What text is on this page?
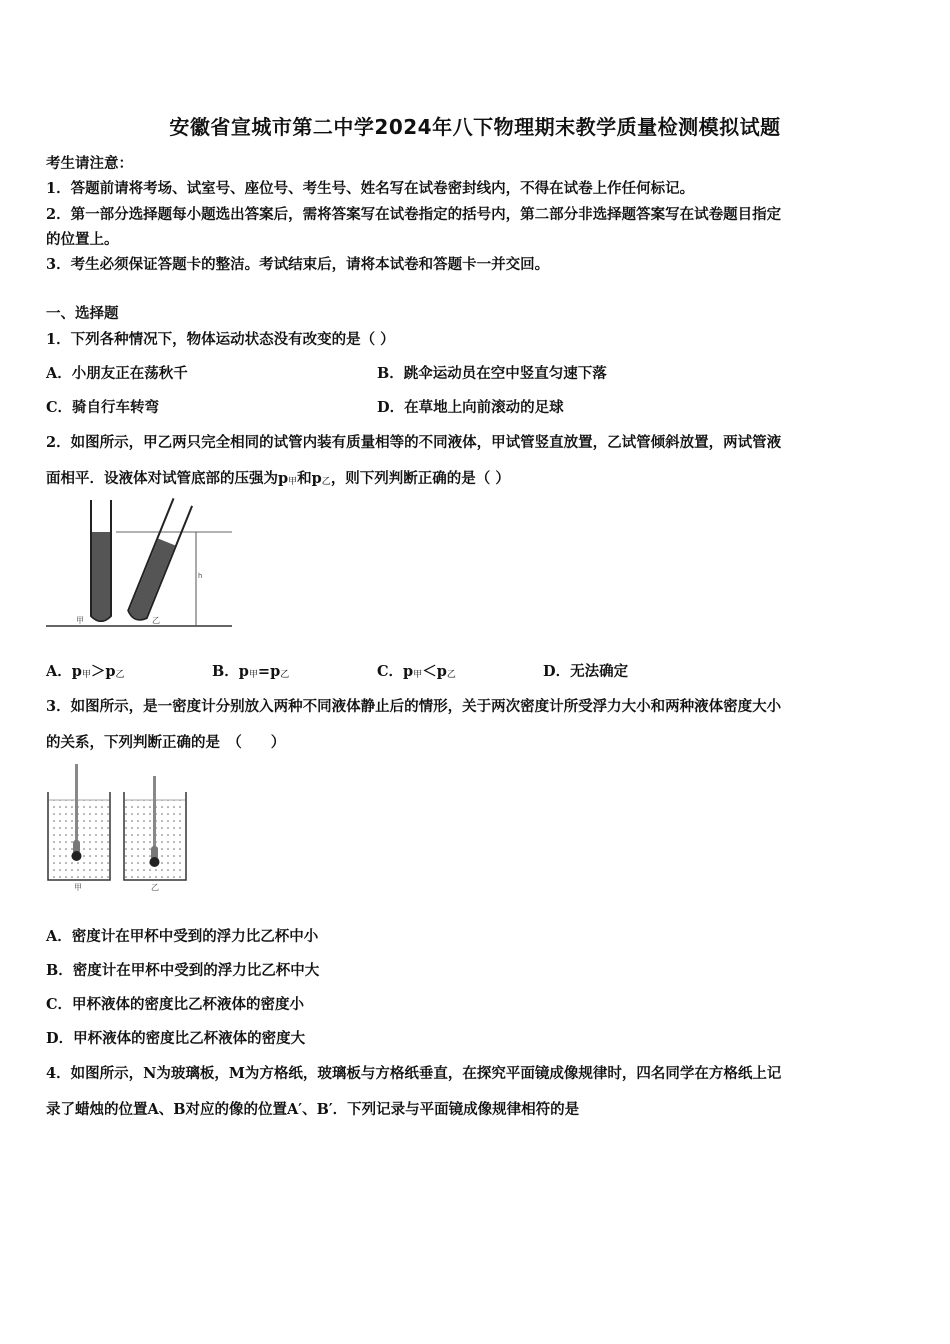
安徽省宣城市第二中学2024年八下物理期末教学质量检测模拟试题
考生请注意：
1．答题前请将考场、试室号、座位号、考生号、姓名写在试卷密封线内，不得在试卷上作任何标记。
2．第一部分选择题每小题选出答案后，需将答案写在试卷指定的括号内，第二部分非选择题答案写在试卷题目指定
的位置上。
3．考生必须保证答题卡的整洁。考试结束后，请将本试卷和答题卡一并交回。
一、选择题
1．下列各种情况下，物体运动状态没有改变的是（ ）
A．小朋友正在荡秋千	B．跳伞运动员在空中竖直匀速下落
C．骑自行车转弯	D．在草地上向前滚动的足球
2．如图所示，甲乙两只完全相同的试管内装有质量相等的不同液体，甲试管竖直放置，乙试管倾斜放置，两试管液
面相平．设液体对试管底部的压强为p甲和p乙，则下列判断正确的是（ ）
h
甲	乙
A．p甲＞p乙	B．p甲=p乙	C．p甲＜p乙	D．无法确定
3．如图所示，是一密度计分别放入两种不同液体静止后的情形，关于两次密度计所受浮力大小和两种液体密度大小
的关系，下列判断正确的是　（　　）
甲	乙
A．密度计在甲杯中受到的浮力比乙杯中小
B．密度计在甲杯中受到的浮力比乙杯中大
C．甲杯液体的密度比乙杯液体的密度小
D．甲杯液体的密度比乙杯液体的密度大
4．如图所示，N为玻璃板，M为方格纸，玻璃板与方格纸垂直，在探究平面镜成像规律时，四名同学在方格纸上记
录了蜡烛的位置A、B对应的像的位置A′、B′．下列记录与平面镜成像规律相符的是
